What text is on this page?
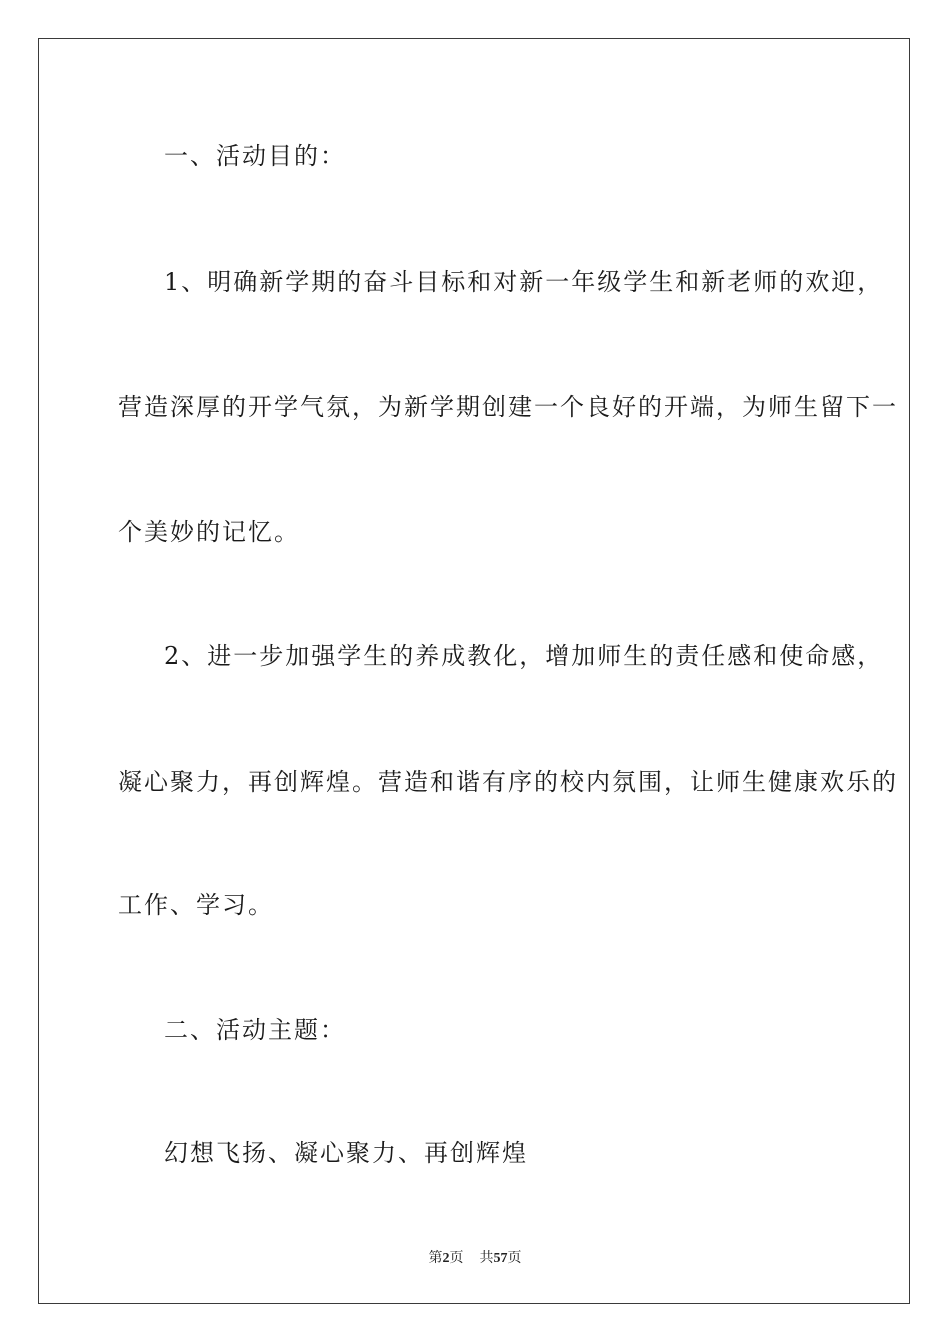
一、活动目的：
1、明确新学期的奋斗目标和对新一年级学生和新老师的欢迎，
营造深厚的开学气氛，为新学期创建一个良好的开端，为师生留下一
个美妙的记忆。
2、进一步加强学生的养成教化，增加师生的责任感和使命感，
凝心聚力，再创辉煌。营造和谐有序的校内氛围，让师生健康欢乐的
工作、学习。
二、活动主题：
幻想飞扬、凝心聚力、再创辉煌
第2页 共57页
